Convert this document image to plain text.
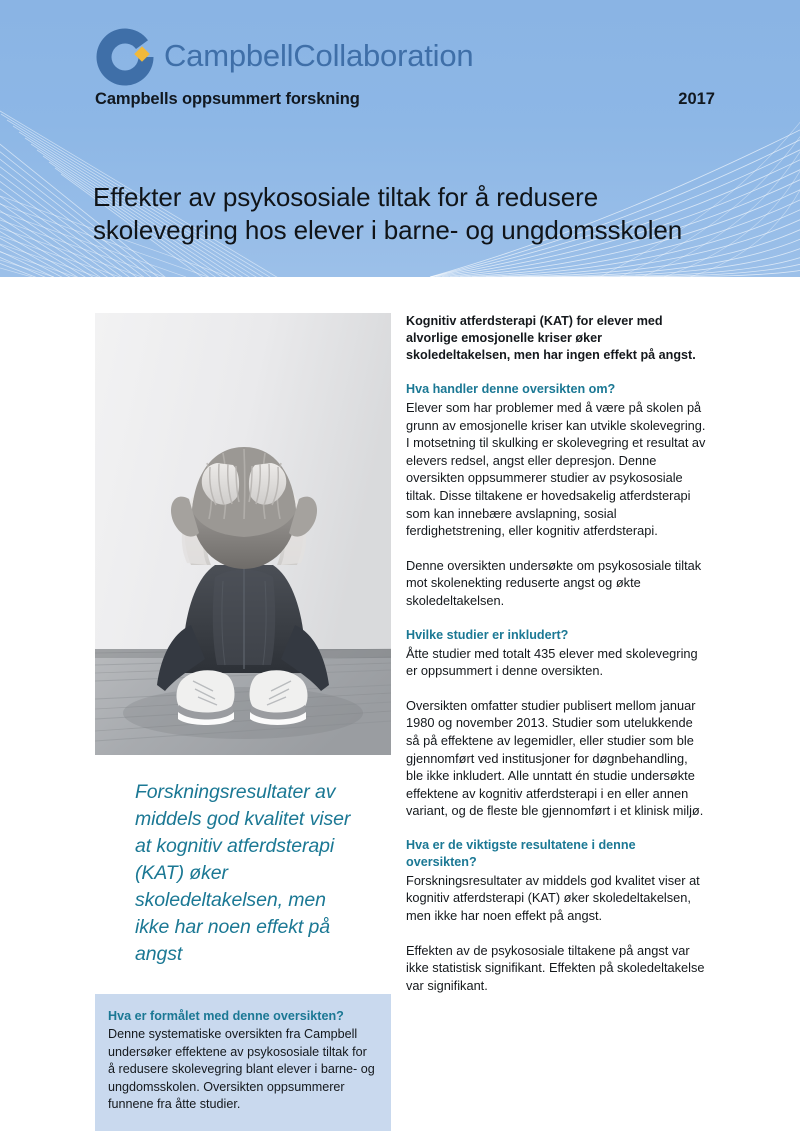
CampbellCollaboration
Campbells oppsummert forskning	2017
Effekter av psykososiale tiltak for å redusere skolevegring hos elever i barne- og ungdomsskolen
Forskningsresultater av middels god kvalitet viser at kognitiv atferdsterapi (KAT) øker skoledeltakelsen, men ikke har noen effekt på angst
Hva er formålet med denne oversikten?

Denne systematiske oversikten fra Campbell undersøker effektene av psykososiale tiltak for å redusere skolevegring blant elever i barne- og ungdomsskolen. Oversikten oppsummerer funnene fra åtte studier.

Kognitiv atferdsterapi (KAT) for elever med alvorlige emosjonelle kriser øker skoledeltakelsen, men har ingen effekt på angst.

Hva handler denne oversikten om?

Elever som har problemer med å være på skolen på grunn av emosjonelle kriser kan utvikle skolevegring. I motsetning til skulking er skolevegring et resultat av elevers redsel, angst eller depresjon. Denne oversikten oppsummerer studier av psykososiale tiltak. Disse tiltakene er hovedsakelig atferdsterapi som kan innebære avslapning, sosial ferdighetstrening, eller kognitiv atferdsterapi.

Denne oversikten undersøkte om psykososiale tiltak mot skolenekting reduserte angst og økte skoledeltakelsen.

Hvilke studier er inkludert?

Åtte studier med totalt 435 elever med skolevegring er oppsummert i denne oversikten.

Oversikten omfatter studier publisert mellom januar 1980 og november 2013. Studier som utelukkende så på effektene av legemidler, eller studier som ble gjennomført ved institusjoner for døgnbehandling, ble ikke inkludert. Alle unntatt én studie undersøkte effektene av kognitiv atferdsterapi i en eller annen variant, og de fleste ble gjennomført i et klinisk miljø.

Hva er de viktigste resultatene i denne oversikten?

Forskningsresultater av middels god kvalitet viser at kognitiv atferdsterapi (KAT) øker skoledeltakelsen, men ikke har noen effekt på angst.

Effekten av de psykososiale tiltakene på angst var ikke statistisk signifikant. Effekten på skoledeltakelse var signifikant.
